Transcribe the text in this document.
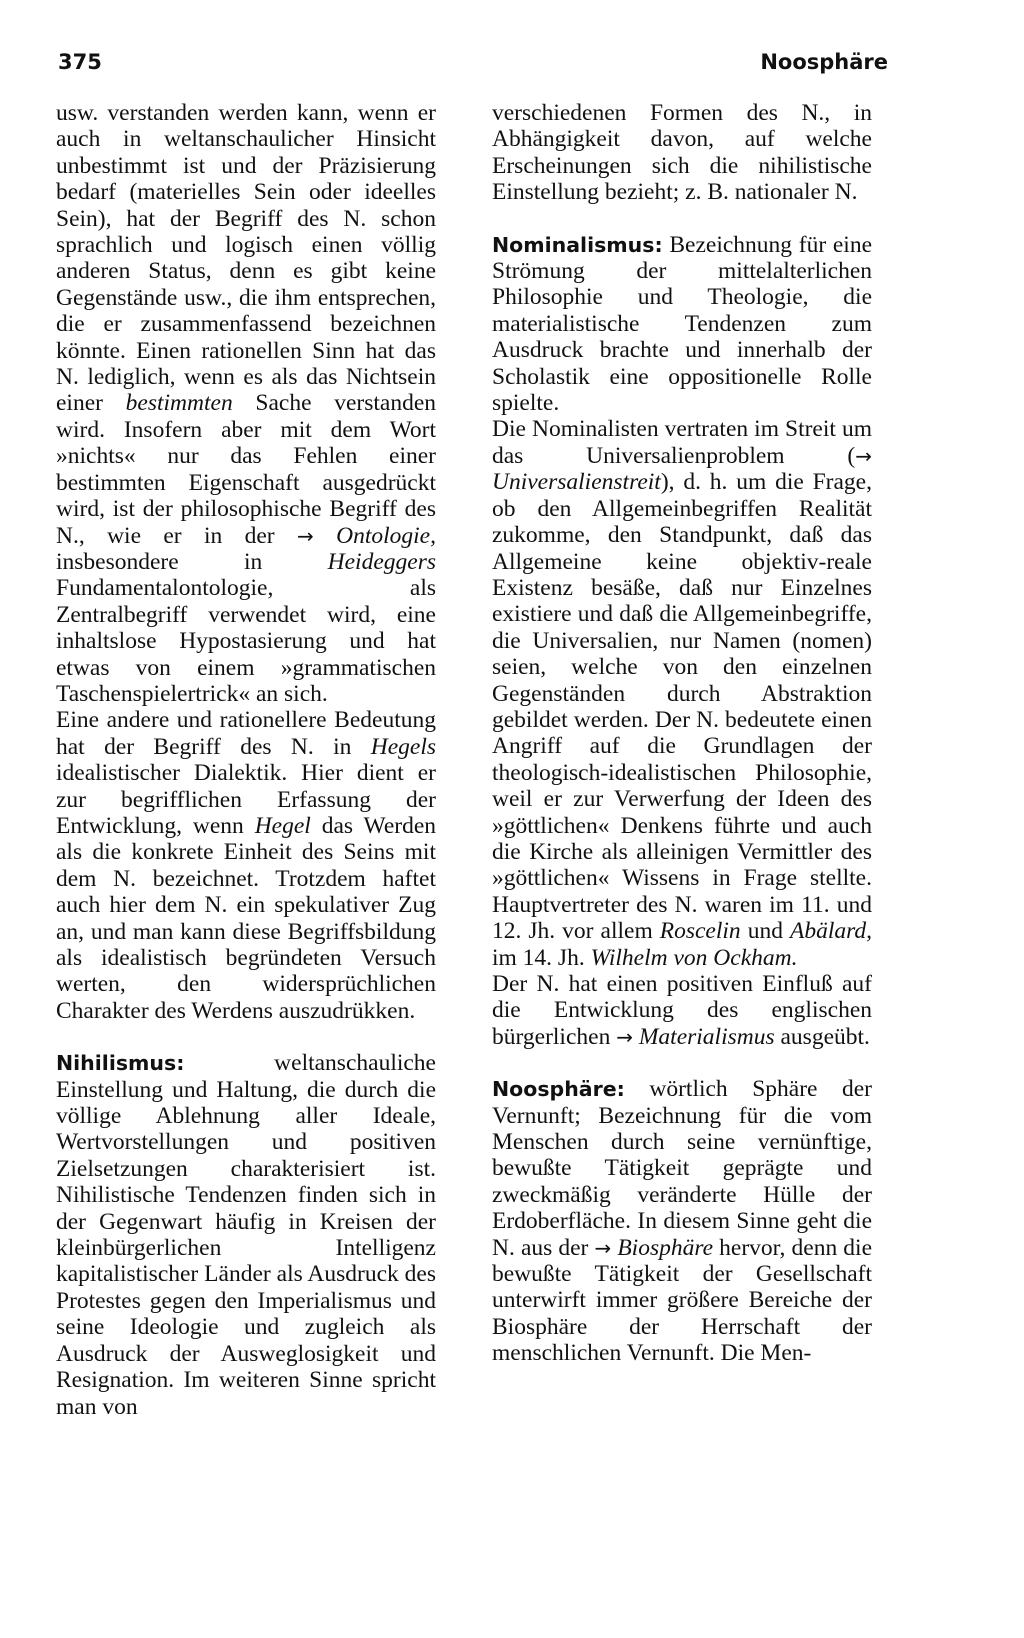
375	Noosphäre

usw. verstanden werden kann, wenn er auch in weltanschaulicher Hinsicht unbestimmt ist und der Präzisierung bedarf (materielles Sein oder ideelles Sein), hat der Begriff des N. schon sprachlich und logisch einen völlig anderen Status, denn es gibt keine Gegenstände usw., die ihm entsprechen, die er zusammenfassend bezeichnen könnte. Einen rationellen Sinn hat das N. lediglich, wenn es als das Nichtsein einer bestimmten Sache verstanden wird. Insofern aber mit dem Wort »nichts« nur das Fehlen einer bestimmten Eigenschaft ausgedrückt wird, ist der philosophische Begriff des N., wie er in der → Ontologie, insbesondere in Heideggers Fundamentalontologie, als Zentralbegriff verwendet wird, eine inhaltslose Hypostasierung und hat etwas von einem »grammatischen Taschenspielertrick« an sich.

Eine andere und rationellere Bedeutung hat der Begriff des N. in Hegels idealistischer Dialektik. Hier dient er zur begrifflichen Erfassung der Entwicklung, wenn Hegel das Werden als die konkrete Einheit des Seins mit dem N. bezeichnet. Trotzdem haftet auch hier dem N. ein spekulativer Zug an, und man kann diese Begriffsbildung als idealistisch begründeten Versuch werten, den widersprüchlichen Charakter des Werdens auszudrükken.

Nihilismus: weltanschauliche Einstellung und Haltung, die durch die völlige Ablehnung aller Ideale, Wertvorstellungen und positiven Zielsetzungen charakterisiert ist. Nihilistische Tendenzen finden sich in der Gegenwart häufig in Kreisen der kleinbürgerlichen Intelligenz kapitalistischer Länder als Ausdruck des Protestes gegen den Imperialismus und seine Ideologie und zugleich als Ausdruck der Ausweglosigkeit und Resignation. Im weiteren Sinne spricht man von

verschiedenen Formen des N., in Abhängigkeit davon, auf welche Erscheinungen sich die nihilistische Einstellung bezieht; z. B. nationaler N.

Nominalismus: Bezeichnung für eine Strömung der mittelalterlichen Philosophie und Theologie, die materialistische Tendenzen zum Ausdruck brachte und innerhalb der Scholastik eine oppositionelle Rolle spielte.

Die Nominalisten vertraten im Streit um das Universalienproblem (→ Universalienstreit), d. h. um die Frage, ob den Allgemeinbegriffen Realität zukomme, den Standpunkt, daß das Allgemeine keine objektiv-reale Existenz besäße, daß nur Einzelnes existiere und daß die Allgemeinbegriffe, die Universalien, nur Namen (nomen) seien, welche von den einzelnen Gegenständen durch Abstraktion gebildet werden. Der N. bedeutete einen Angriff auf die Grundlagen der theologisch-idealistischen Philosophie, weil er zur Verwerfung der Ideen des »göttlichen« Denkens führte und auch die Kirche als alleinigen Vermittler des »göttlichen« Wissens in Frage stellte. Hauptvertreter des N. waren im 11. und 12. Jh. vor allem Roscelin und Abälard, im 14. Jh. Wilhelm von Ockham.

Der N. hat einen positiven Einfluß auf die Entwicklung des englischen bürgerlichen → Materialismus ausgeübt.

Noosphäre: wörtlich Sphäre der Vernunft; Bezeichnung für die vom Menschen durch seine vernünftige, bewußte Tätigkeit geprägte und zweckmäßig veränderte Hülle der Erdoberfläche. In diesem Sinne geht die N. aus der → Biosphäre hervor, denn die bewußte Tätigkeit der Gesellschaft unterwirft immer größere Bereiche der Biosphäre der Herrschaft der menschlichen Vernunft. Die Men-
